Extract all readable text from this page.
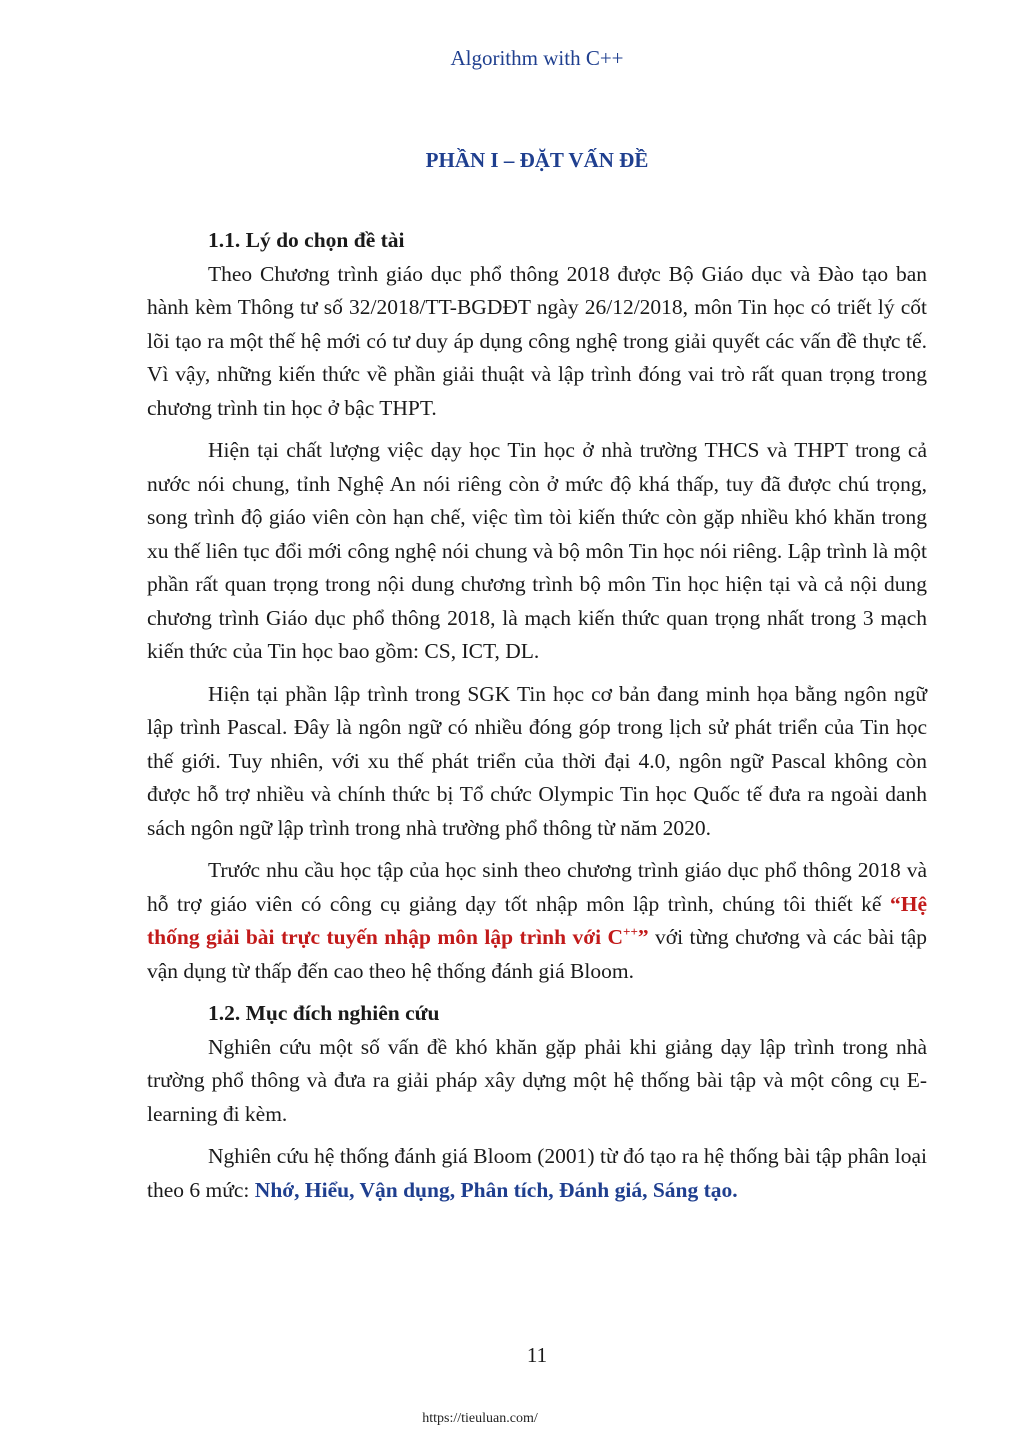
Algorithm with C++
PHẦN I – ĐẶT VẤN ĐỀ
1.1. Lý do chọn đề tài

Theo Chương trình giáo dục phổ thông 2018 được Bộ Giáo dục và Đào tạo ban hành kèm Thông tư số 32/2018/TT-BGDĐT ngày 26/12/2018, môn Tin học có triết lý cốt lõi tạo ra một thế hệ mới có tư duy áp dụng công nghệ trong giải quyết các vấn đề thực tế. Vì vậy, những kiến thức về phần giải thuật và lập trình đóng vai trò rất quan trọng trong chương trình tin học ở bậc THPT.

Hiện tại chất lượng việc dạy học Tin học ở nhà trường THCS và THPT trong cả nước nói chung, tỉnh Nghệ An nói riêng còn ở mức độ khá thấp, tuy đã được chú trọng, song trình độ giáo viên còn hạn chế, việc tìm tòi kiến thức còn gặp nhiều khó khăn trong xu thế liên tục đổi mới công nghệ nói chung và bộ môn Tin học nói riêng. Lập trình là một phần rất quan trọng trong nội dung chương trình bộ môn Tin học hiện tại và cả nội dung chương trình Giáo dục phổ thông 2018, là mạch kiến thức quan trọng nhất trong 3 mạch kiến thức của Tin học bao gồm: CS, ICT, DL.

Hiện tại phần lập trình trong SGK Tin học cơ bản đang minh họa bằng ngôn ngữ lập trình Pascal. Đây là ngôn ngữ có nhiều đóng góp trong lịch sử phát triển của Tin học thế giới. Tuy nhiên, với xu thế phát triển của thời đại 4.0, ngôn ngữ Pascal không còn được hỗ trợ nhiều và chính thức bị Tổ chức Olympic Tin học Quốc tế đưa ra ngoài danh sách ngôn ngữ lập trình trong nhà trường phổ thông từ năm 2020.

Trước nhu cầu học tập của học sinh theo chương trình giáo dục phổ thông 2018 và hỗ trợ giáo viên có công cụ giảng dạy tốt nhập môn lập trình, chúng tôi thiết kế “Hệ thống giải bài trực tuyến nhập môn lập trình với C++” với từng chương và các bài tập vận dụng từ thấp đến cao theo hệ thống đánh giá Bloom.

1.2. Mục đích nghiên cứu

Nghiên cứu một số vấn đề khó khăn gặp phải khi giảng dạy lập trình trong nhà trường phổ thông và đưa ra giải pháp xây dựng một hệ thống bài tập và một công cụ E-learning đi kèm.

Nghiên cứu hệ thống đánh giá Bloom (2001) từ đó tạo ra hệ thống bài tập phân loại theo 6 mức: Nhớ, Hiểu, Vận dụng, Phân tích, Đánh giá, Sáng tạo.

11
https://tieuluan.com/
